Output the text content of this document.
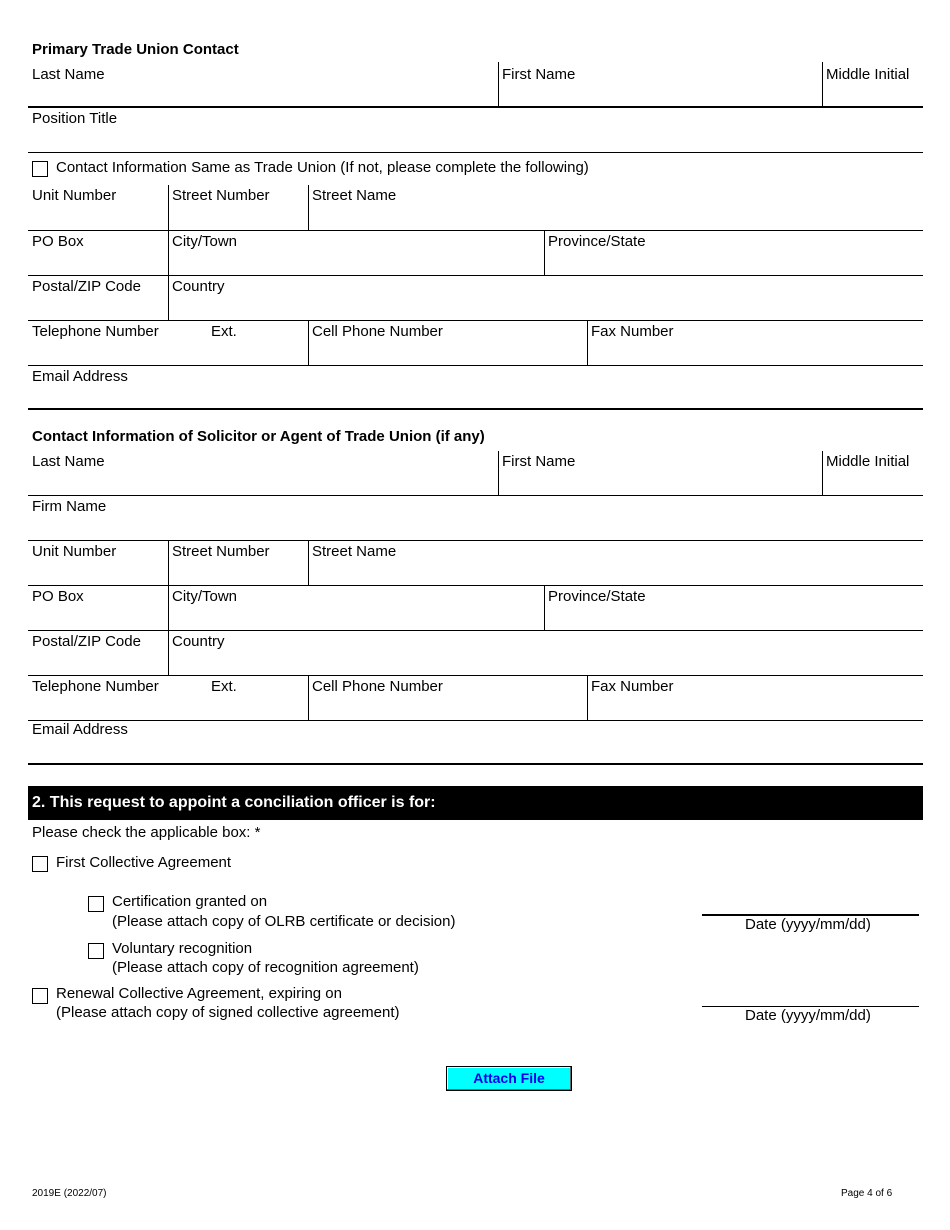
Primary Trade Union Contact
Last Name	First Name	Middle Initial
Position Title
Contact Information Same as Trade Union (If not, please complete the following)
Unit Number	Street Number	Street Name
PO Box	City/Town	Province/State
Postal/ZIP Code Country
Telephone Number	Ext.	Cell Phone Number	Fax Number
Email Address
Contact Information of Solicitor or Agent of Trade Union (if any)
Last Name	First Name	Middle Initial
Firm Name
Unit Number	Street Number	Street Name
PO Box	City/Town	Province/State
Postal/ZIP Code Country
Telephone Number	Ext.	Cell Phone Number	Fax Number
Email Address
2. This request to appoint a conciliation officer is for:
Please check the applicable box: *
First Collective Agreement
Certification granted on
(Please attach copy of OLRB certificate or decision)	Date (yyyy/mm/dd)
Voluntary recognition
(Please attach copy of recognition agreement)
Renewal Collective Agreement, expiring on
(Please attach copy of signed collective agreement)	Date (yyyy/mm/dd)
Attach File
2019E (2022/07)	Page 4 of 6
